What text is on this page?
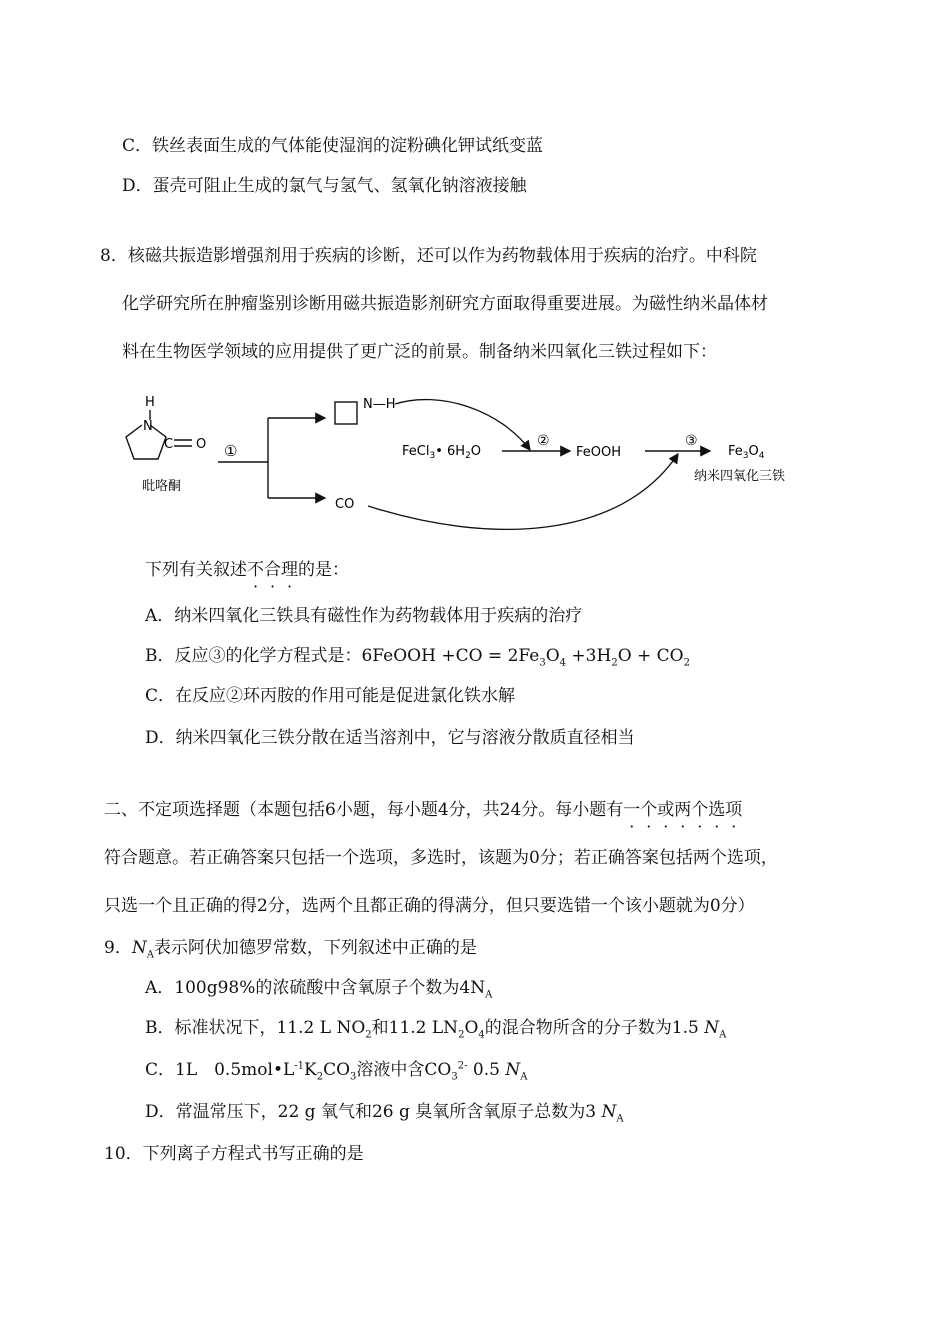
C．铁丝表面生成的气体能使湿润的淀粉碘化钾试纸变蓝
D．蛋壳可阻止生成的氯气与氢气、氢氧化钠溶液接触
8．核磁共振造影增强剂用于疾病的诊断，还可以作为药物载体用于疾病的治疗。中科院
化学研究所在肿瘤鉴别诊断用磁共振造影剂研究方面取得重要进展。为磁性纳米晶体材
料在生物医学领域的应用提供了更广泛的前景。制备纳米四氧化三铁过程如下：
H
N
C O
吡咯酮
①
N—H
FeCl$_3$• $6H_2O$
②
FeOOH
③
$Fe_3O_4$
纳米四氧化三铁
CO
下列有关叙述不合理的是：
A．纳米四氧化三铁具有磁性作为药物载体用于疾病的治疗
B．反应③的化学方程式是：6FeOOH $+CO = 2Fe_3O_4 +3H_2O + CO_2$
C．在反应②环丙胺的作用可能是促进氯化铁水解
D．纳米四氧化三铁分散在适当溶剂中，它与溶液分散质直径相当
二、不定项选择题（本题包括6小题，每小题4分，共24分。每小题有一个或两个选项
符合题意。若正确答案只包括一个选项，多选时，该题为0分；若正确答案包括两个选项，
只选一个且正确的得2分，选两个且都正确的得满分，但只要选错一个该小题就为0分）
9．$N_A$表示阿伏加德罗常数，下列叙述中正确的是
A．100g98%的浓硫酸中含氧原子个数为$4N_A$
B．标准状况下，11.2 L $NO_2$和11.2 $LN_2O_4$的混合物所含的分子数为1.5 $N_A$
C．1L　$0.5mol•L^{-1}K_2CO_3$溶液中含$CO_3^{2-}$ 0.5 $N_A$
D．常温常压下，22 g 氧气和26 g 臭氧所含氧原子总数为3 $N_A$
10．下列离子方程式书写正确的是
